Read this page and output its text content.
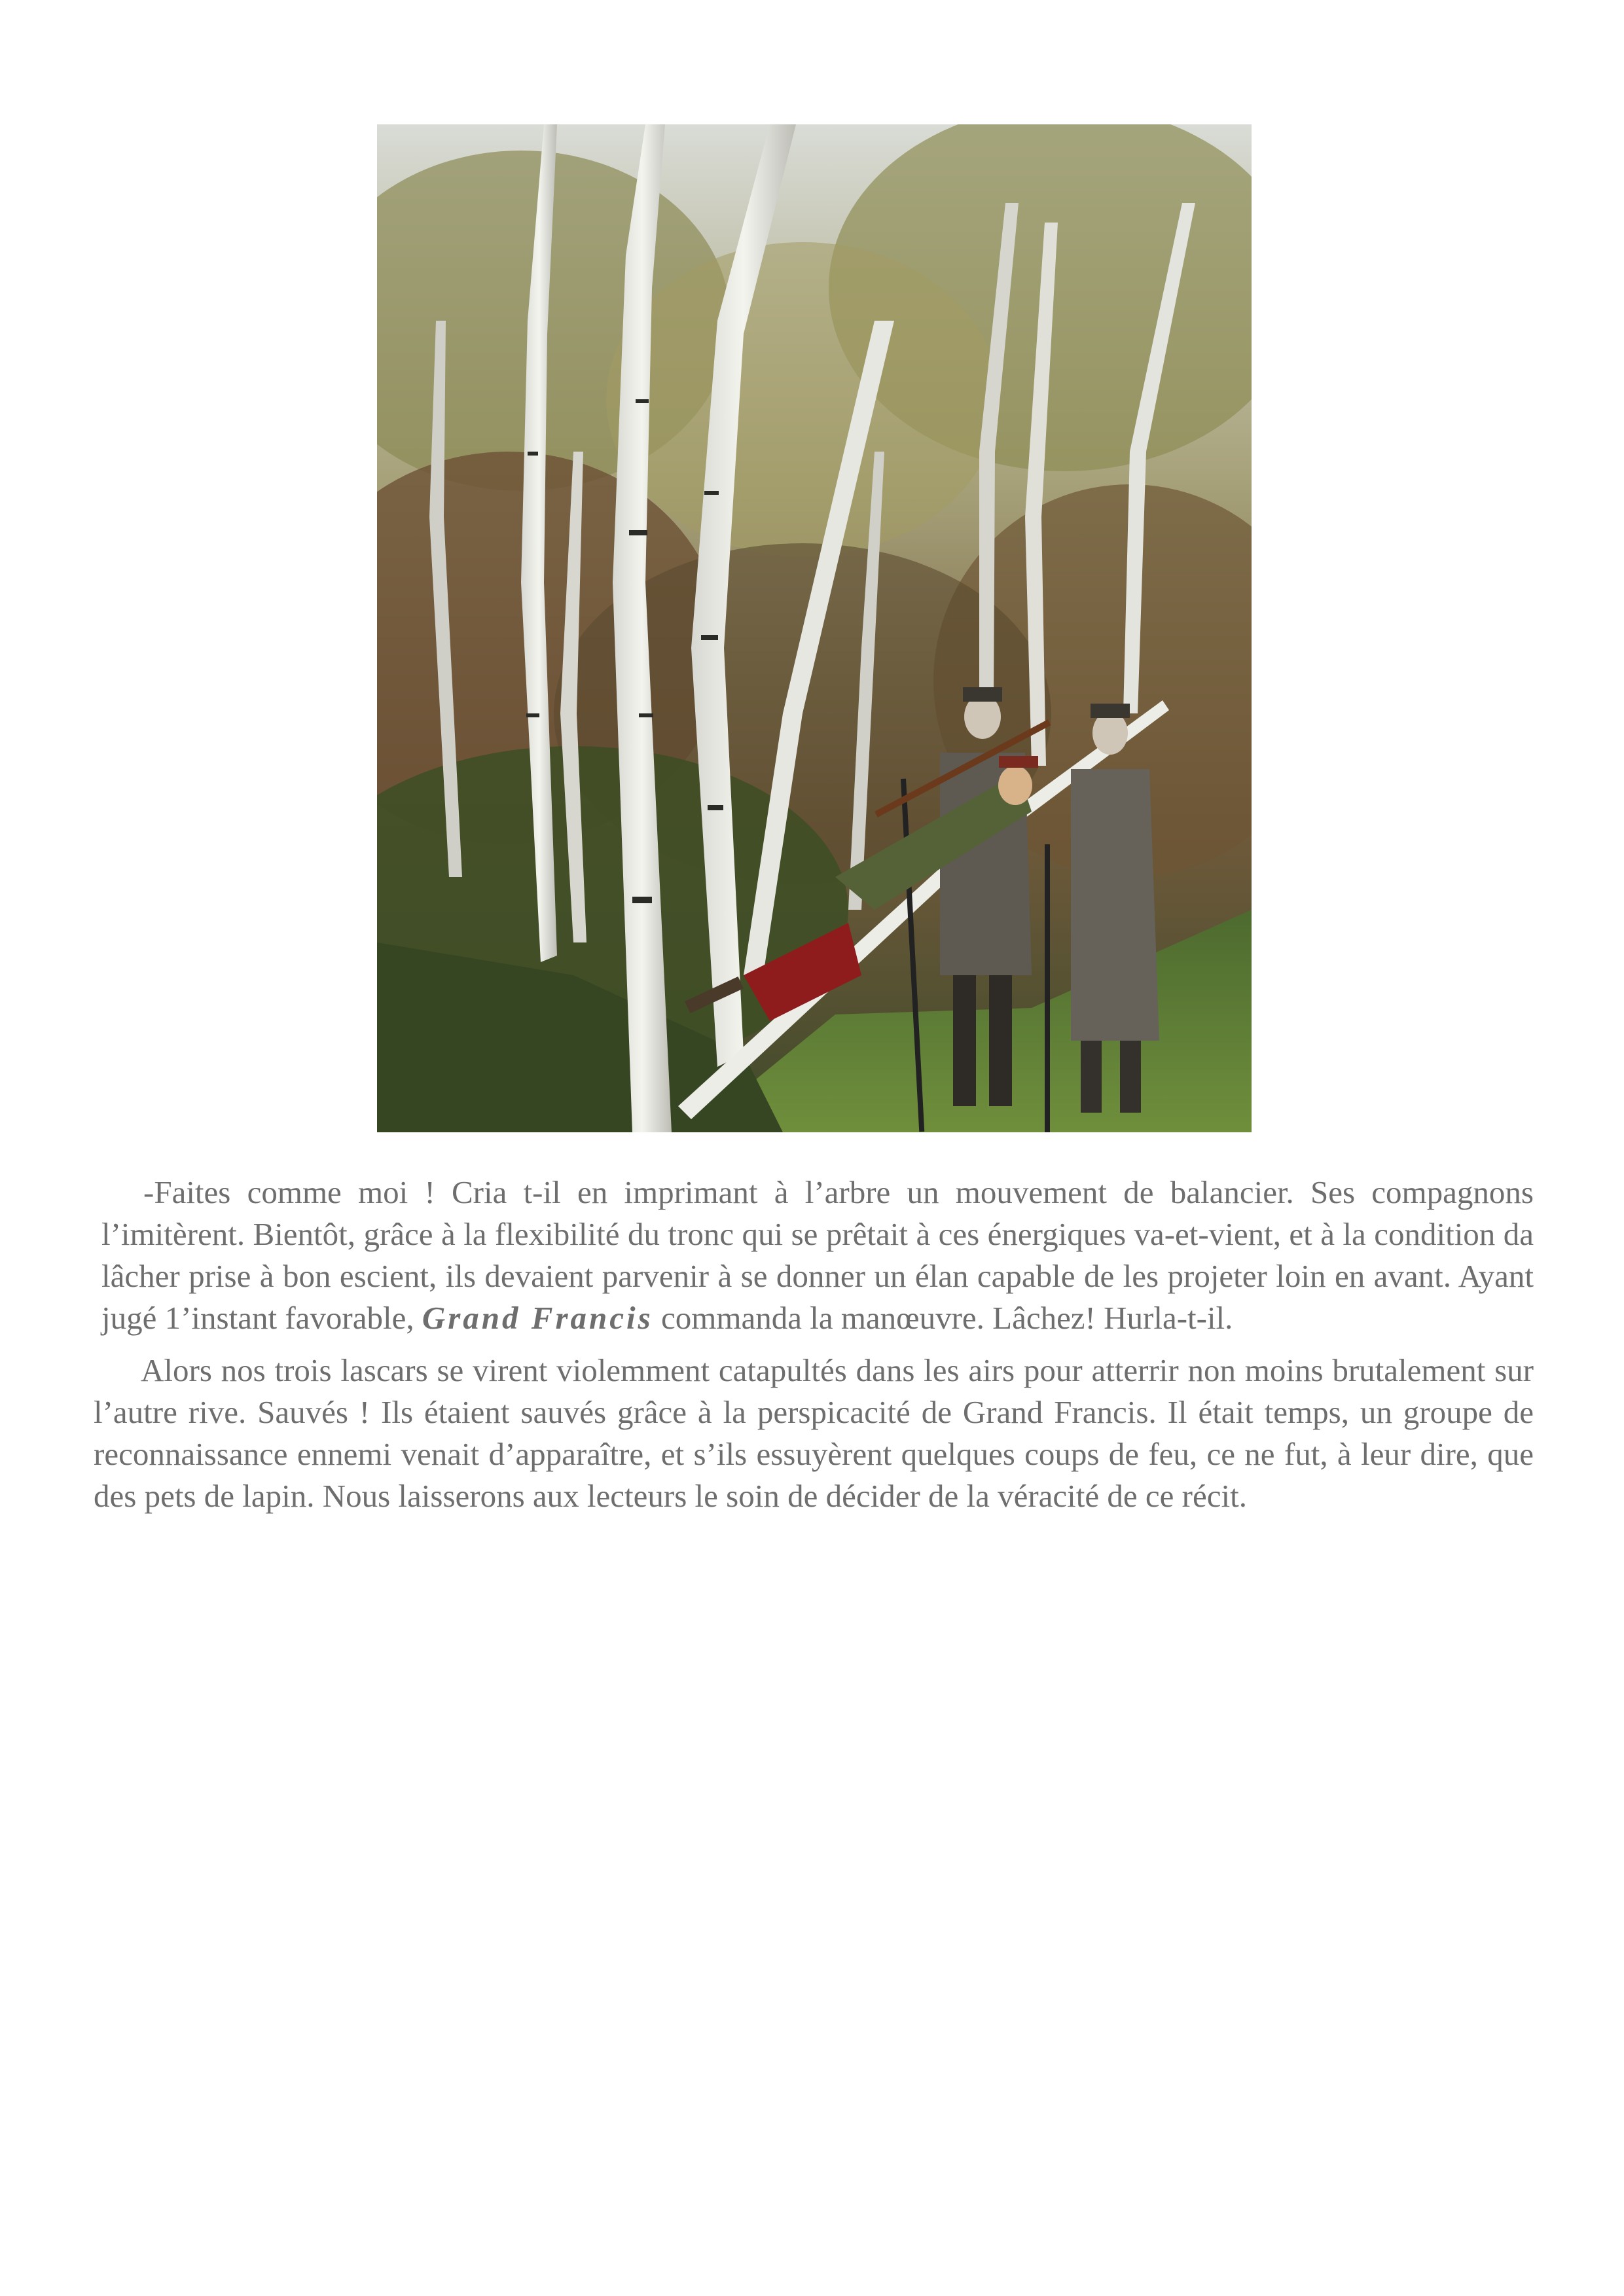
-Faites comme moi ! Cria t-il en imprimant à l’arbre un mouvement de balancier. Ses compagnons l’imitèrent. Bientôt, grâce à la flexibilité du tronc qui se prêtait à ces énergiques va-et-vient, et à la condition da lâcher prise à bon escient, ils devaient parvenir à se donner un élan capable de les projeter loin en avant. Ayant jugé 1’instant favorable, Grand Francis commanda la manœuvre. Lâchez! Hurla-t-il.

Alors nos trois lascars se virent violemment catapultés dans les airs pour atterrir non moins brutalement sur l’autre rive. Sauvés ! Ils étaient sauvés grâce à la perspicacité de Grand Francis. Il était temps, un groupe de reconnaissance ennemi venait d’apparaître, et s’ils essuyèrent quelques coups de feu, ce ne fut, à leur dire, que des pets de lapin. Nous laisserons aux lecteurs le soin de décider de la véracité de ce récit.
